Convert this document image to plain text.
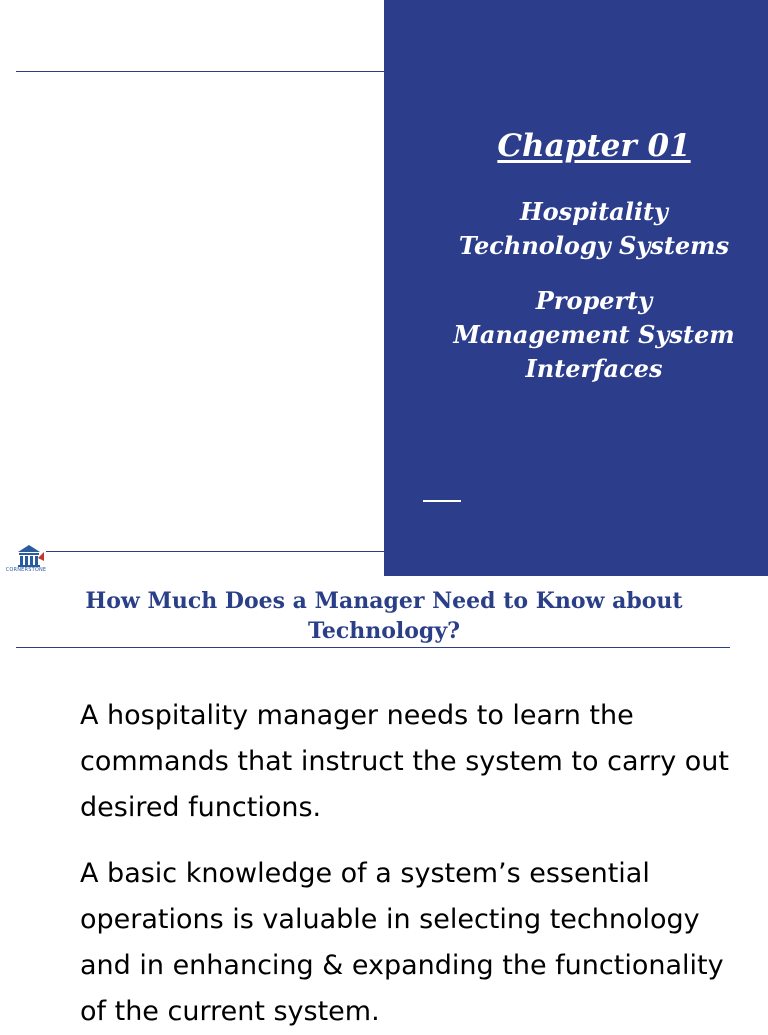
Chapter 01
Hospitality Technology Systems
Property Management System Interfaces
CORNERSTONE
How Much Does a Manager Need to Know about Technology?
A hospitality manager needs to learn the commands that instruct the system to carry out desired functions.
A basic knowledge of a system’s essential operations is valuable in selecting technology and in enhancing & expanding the functionality of the current system.
